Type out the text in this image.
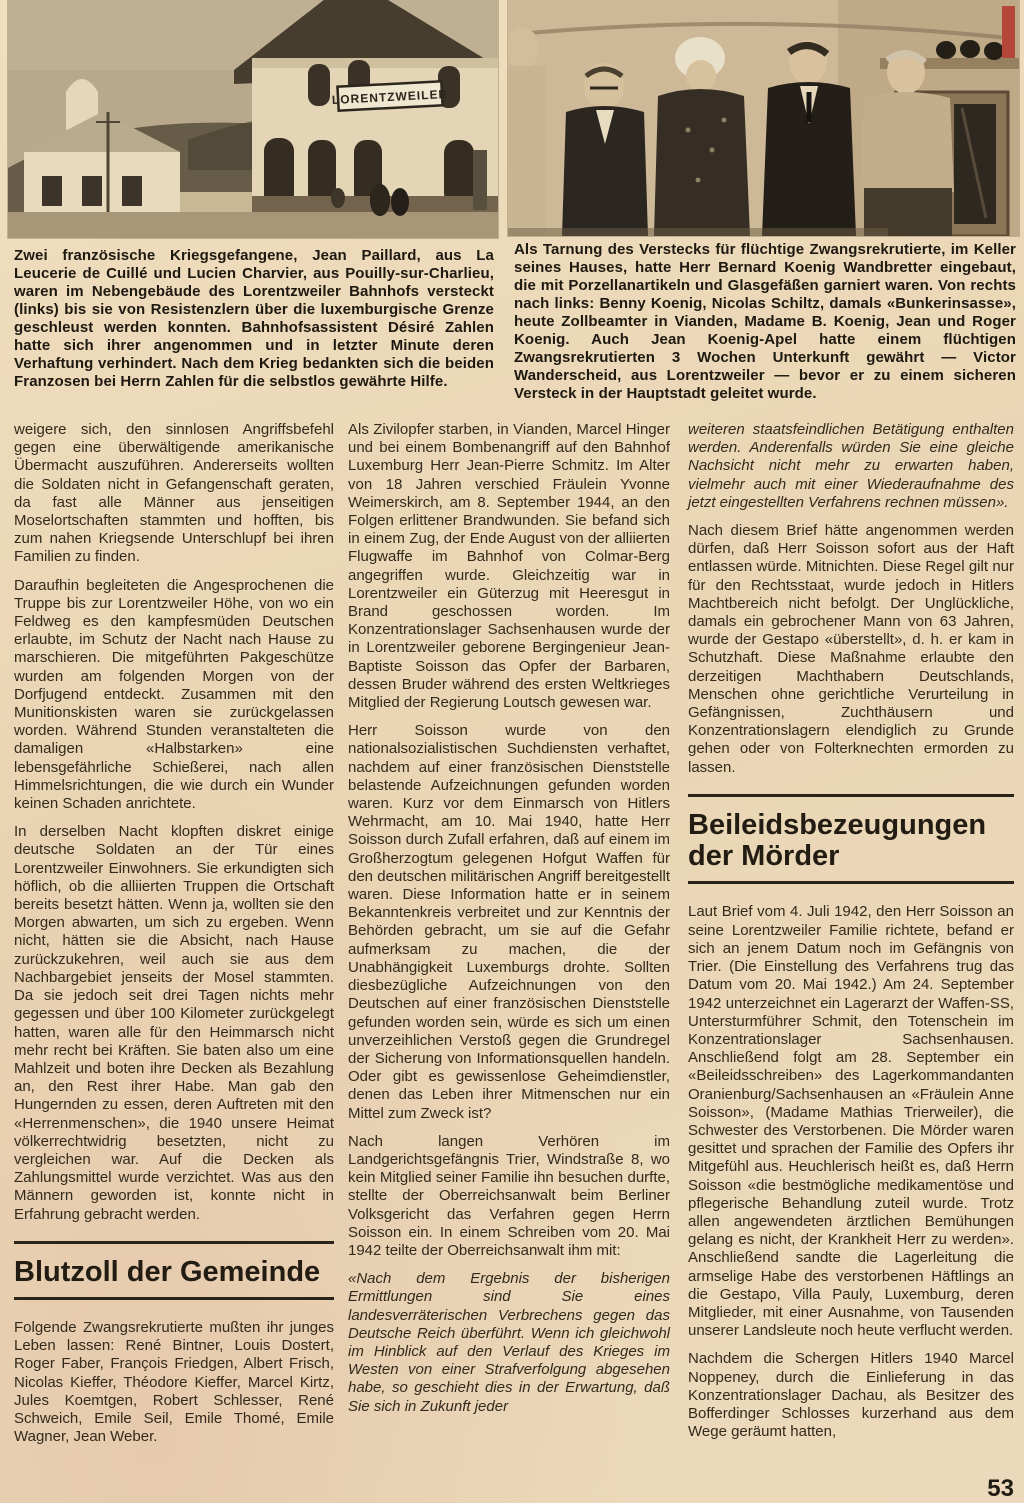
LORENTZWEILER

Zwei französische Kriegsgefangene, Jean Paillard, aus La Leucerie de Cuillé und Lucien Charvier, aus Pouilly-sur-Charlieu, waren im Nebengebäude des Lorentzweiler Bahnhofs versteckt (links) bis sie von Resistenzlern über die luxemburgische Grenze geschleust werden konnten. Bahnhofsassistent Désiré Zahlen hatte sich ihrer angenommen und in letzter Minute deren Verhaftung verhindert. Nach dem Krieg bedankten sich die beiden Franzosen bei Herrn Zahlen für die selbstlos gewährte Hilfe.

Als Tarnung des Verstecks für flüchtige Zwangsrekrutierte, im Keller seines Hauses, hatte Herr Bernard Koenig Wandbretter eingebaut, die mit Porzellanartikeln und Glasgefäßen garniert waren. Von rechts nach links: Benny Koenig, Nicolas Schiltz, damals «Bunkerinsasse», heute Zollbeamter in Vianden, Madame B. Koenig, Jean und Roger Koenig. Auch Jean Koenig-Apel hatte einem flüchtigen Zwangsrekrutierten 3 Wochen Unterkunft gewährt — Victor Wanderscheid, aus Lorentzweiler — bevor er zu einem sicheren Versteck in der Hauptstadt geleitet wurde.

weigere sich, den sinnlosen Angriffsbefehl gegen eine überwältigende amerikanische Übermacht auszuführen. Andererseits wollten die Soldaten nicht in Gefangenschaft geraten, da fast alle Männer aus jenseitigen Moselortschaften stammten und hofften, bis zum nahen Kriegsende Unterschlupf bei ihren Familien zu finden.

Daraufhin begleiteten die Angesprochenen die Truppe bis zur Lorentzweiler Höhe, von wo ein Feldweg es den kampfesmüden Deutschen erlaubte, im Schutz der Nacht nach Hause zu marschieren. Die mitgeführten Pakgeschütze wurden am folgenden Morgen von der Dorfjugend entdeckt. Zusammen mit den Munitionskisten waren sie zurückgelassen worden. Während Stunden veranstalteten die damaligen «Halbstarken» eine lebensgefährliche Schießerei, nach allen Himmelsrichtungen, die wie durch ein Wunder keinen Schaden anrichtete.

In derselben Nacht klopften diskret einige deutsche Soldaten an der Tür eines Lorentzweiler Einwohners. Sie erkundigten sich höflich, ob die alliierten Truppen die Ortschaft bereits besetzt hätten. Wenn ja, wollten sie den Morgen abwarten, um sich zu ergeben. Wenn nicht, hätten sie die Absicht, nach Hause zurückzukehren, weil auch sie aus dem Nachbargebiet jenseits der Mosel stammten. Da sie jedoch seit drei Tagen nichts mehr gegessen und über 100 Kilometer zurückgelegt hatten, waren alle für den Heimmarsch nicht mehr recht bei Kräften. Sie baten also um eine Mahlzeit und boten ihre Decken als Bezahlung an, den Rest ihrer Habe. Man gab den Hungernden zu essen, deren Auftreten mit den «Herrenmenschen», die 1940 unsere Heimat völkerrechtwidrig besetzten, nicht zu vergleichen war. Auf die Decken als Zahlungsmittel wurde verzichtet. Was aus den Männern geworden ist, konnte nicht in Erfahrung gebracht werden.

Blutzoll der Gemeinde

Folgende Zwangsrekrutierte mußten ihr junges Leben lassen: René Bintner, Louis Dostert, Roger Faber, François Friedgen, Albert Frisch, Nicolas Kieffer, Théodore Kieffer, Marcel Kirtz, Jules Koemtgen, Robert Schlesser, René Schweich, Emile Seil, Emile Thomé, Emile Wagner, Jean Weber.

Als Zivilopfer starben, in Vianden, Marcel Hinger und bei einem Bombenangriff auf den Bahnhof Luxemburg Herr Jean-Pierre Schmitz. Im Alter von 18 Jahren verschied Fräulein Yvonne Weimerskirch, am 8. September 1944, an den Folgen erlittener Brandwunden. Sie befand sich in einem Zug, der Ende August von der alliierten Flugwaffe im Bahnhof von Colmar-Berg angegriffen wurde. Gleichzeitig war in Lorentzweiler ein Güterzug mit Heeresgut in Brand geschossen worden. Im Konzentrationslager Sachsenhausen wurde der in Lorentzweiler geborene Bergingenieur Jean-Baptiste Soisson das Opfer der Barbaren, dessen Bruder während des ersten Weltkrieges Mitglied der Regierung Loutsch gewesen war.

Herr Soisson wurde von den nationalsozialistischen Suchdiensten verhaftet, nachdem auf einer französischen Dienststelle belastende Aufzeichnungen gefunden worden waren. Kurz vor dem Einmarsch von Hitlers Wehrmacht, am 10. Mai 1940, hatte Herr Soisson durch Zufall erfahren, daß auf einem im Großherzogtum gelegenen Hofgut Waffen für den deutschen militärischen Angriff bereitgestellt waren. Diese Information hatte er in seinem Bekanntenkreis verbreitet und zur Kenntnis der Behörden gebracht, um sie auf die Gefahr aufmerksam zu machen, die der Unabhängigkeit Luxemburgs drohte. Sollten diesbezügliche Aufzeichnungen von den Deutschen auf einer französischen Dienststelle gefunden worden sein, würde es sich um einen unverzeihlichen Verstoß gegen die Grundregel der Sicherung von Informationsquellen handeln. Oder gibt es gewissenlose Geheimdienstler, denen das Leben ihrer Mitmenschen nur ein Mittel zum Zweck ist?

Nach langen Verhören im Landgerichtsgefängnis Trier, Windstraße 8, wo kein Mitglied seiner Familie ihn besuchen durfte, stellte der Oberreichsanwalt beim Berliner Volksgericht das Verfahren gegen Herrn Soisson ein. In einem Schreiben vom 20. Mai 1942 teilte der Oberreichsanwalt ihm mit:

«Nach dem Ergebnis der bisherigen Ermittlungen sind Sie eines landesverräterischen Verbrechens gegen das Deutsche Reich überführt. Wenn ich gleichwohl im Hinblick auf den Verlauf des Krieges im Westen von einer Strafverfolgung abgesehen habe, so geschieht dies in der Erwartung, daß Sie sich in Zukunft jeder

weiteren staatsfeindlichen Betätigung enthalten werden. Anderenfalls würden Sie eine gleiche Nachsicht nicht mehr zu erwarten haben, vielmehr auch mit einer Wiederaufnahme des jetzt eingestellten Verfahrens rechnen müssen».

Nach diesem Brief hätte angenommen werden dürfen, daß Herr Soisson sofort aus der Haft entlassen würde. Mitnichten. Diese Regel gilt nur für den Rechtsstaat, wurde jedoch in Hitlers Machtbereich nicht befolgt. Der Unglückliche, damals ein gebrochener Mann von 63 Jahren, wurde der Gestapo «überstellt», d. h. er kam in Schutzhaft. Diese Maßnahme erlaubte den derzeitigen Machthabern Deutschlands, Menschen ohne gerichtliche Verurteilung in Gefängnissen, Zuchthäusern und Konzentrationslagern elendiglich zu Grunde gehen oder von Folterknechten ermorden zu lassen.

Beileidsbezeugungen der Mörder

Laut Brief vom 4. Juli 1942, den Herr Soisson an seine Lorentzweiler Familie richtete, befand er sich an jenem Datum noch im Gefängnis von Trier. (Die Einstellung des Verfahrens trug das Datum vom 20. Mai 1942.) Am 24. September 1942 unterzeichnet ein Lagerarzt der Waffen-SS, Untersturmführer Schmit, den Totenschein im Konzentrationslager Sachsenhausen. Anschließend folgt am 28. September ein «Beileidsschreiben» des Lagerkommandanten Oranienburg/Sachsenhausen an «Fräulein Anne Soisson», (Madame Mathias Trierweiler), die Schwester des Verstorbenen. Die Mörder waren gesittet und sprachen der Familie des Opfers ihr Mitgefühl aus. Heuchlerisch heißt es, daß Herrn Soisson «die bestmögliche medikamentöse und pflegerische Behandlung zuteil wurde. Trotz allen angewendeten ärztlichen Bemühungen gelang es nicht, der Krankheit Herr zu werden». Anschließend sandte die Lagerleitung die armselige Habe des verstorbenen Häftlings an die Gestapo, Villa Pauly, Luxemburg, deren Mitglieder, mit einer Ausnahme, von Tausenden unserer Landsleute noch heute verflucht werden.

Nachdem die Schergen Hitlers 1940 Marcel Noppeney, durch die Einlieferung in das Konzentrationslager Dachau, als Besitzer des Bofferdinger Schlosses kurzerhand aus dem Wege geräumt hatten,

53
